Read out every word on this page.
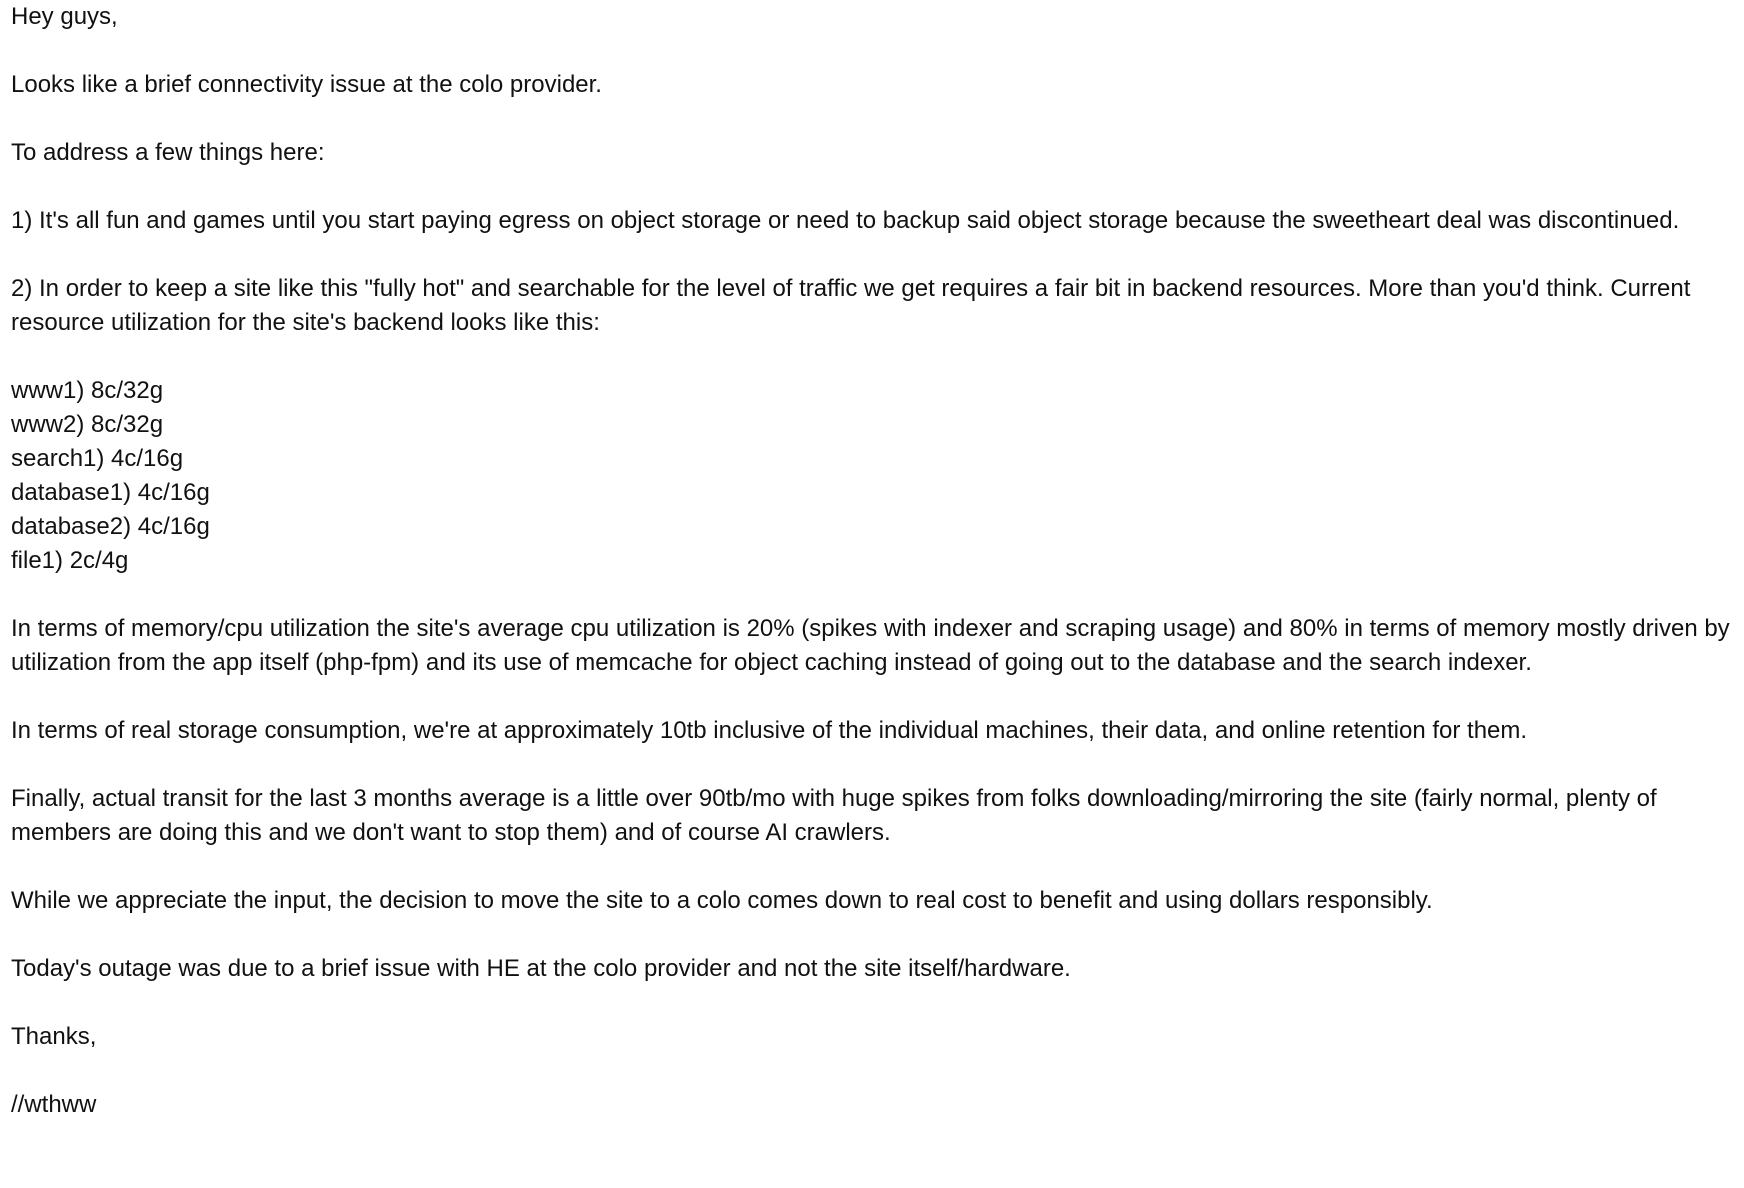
Hey guys,

Looks like a brief connectivity issue at the colo provider.

To address a few things here:

1) It's all fun and games until you start paying egress on object storage or need to backup said object storage because the sweetheart deal was discontinued.

2) In order to keep a site like this "fully hot" and searchable for the level of traffic we get requires a fair bit in backend resources. More than you'd think. Current resource utilization for the site's backend looks like this:

www1) 8c/32g
www2) 8c/32g
search1) 4c/16g
database1) 4c/16g
database2) 4c/16g
file1) 2c/4g

In terms of memory/cpu utilization the site's average cpu utilization is 20% (spikes with indexer and scraping usage) and 80% in terms of memory mostly driven by utilization from the app itself (php-fpm) and its use of memcache for object caching instead of going out to the database and the search indexer.

In terms of real storage consumption, we're at approximately 10tb inclusive of the individual machines, their data, and online retention for them.

Finally, actual transit for the last 3 months average is a little over 90tb/mo with huge spikes from folks downloading/mirroring the site (fairly normal, plenty of members are doing this and we don't want to stop them) and of course AI crawlers.

While we appreciate the input, the decision to move the site to a colo comes down to real cost to benefit and using dollars responsibly.

Today's outage was due to a brief issue with HE at the colo provider and not the site itself/hardware.

Thanks,

//wthww
